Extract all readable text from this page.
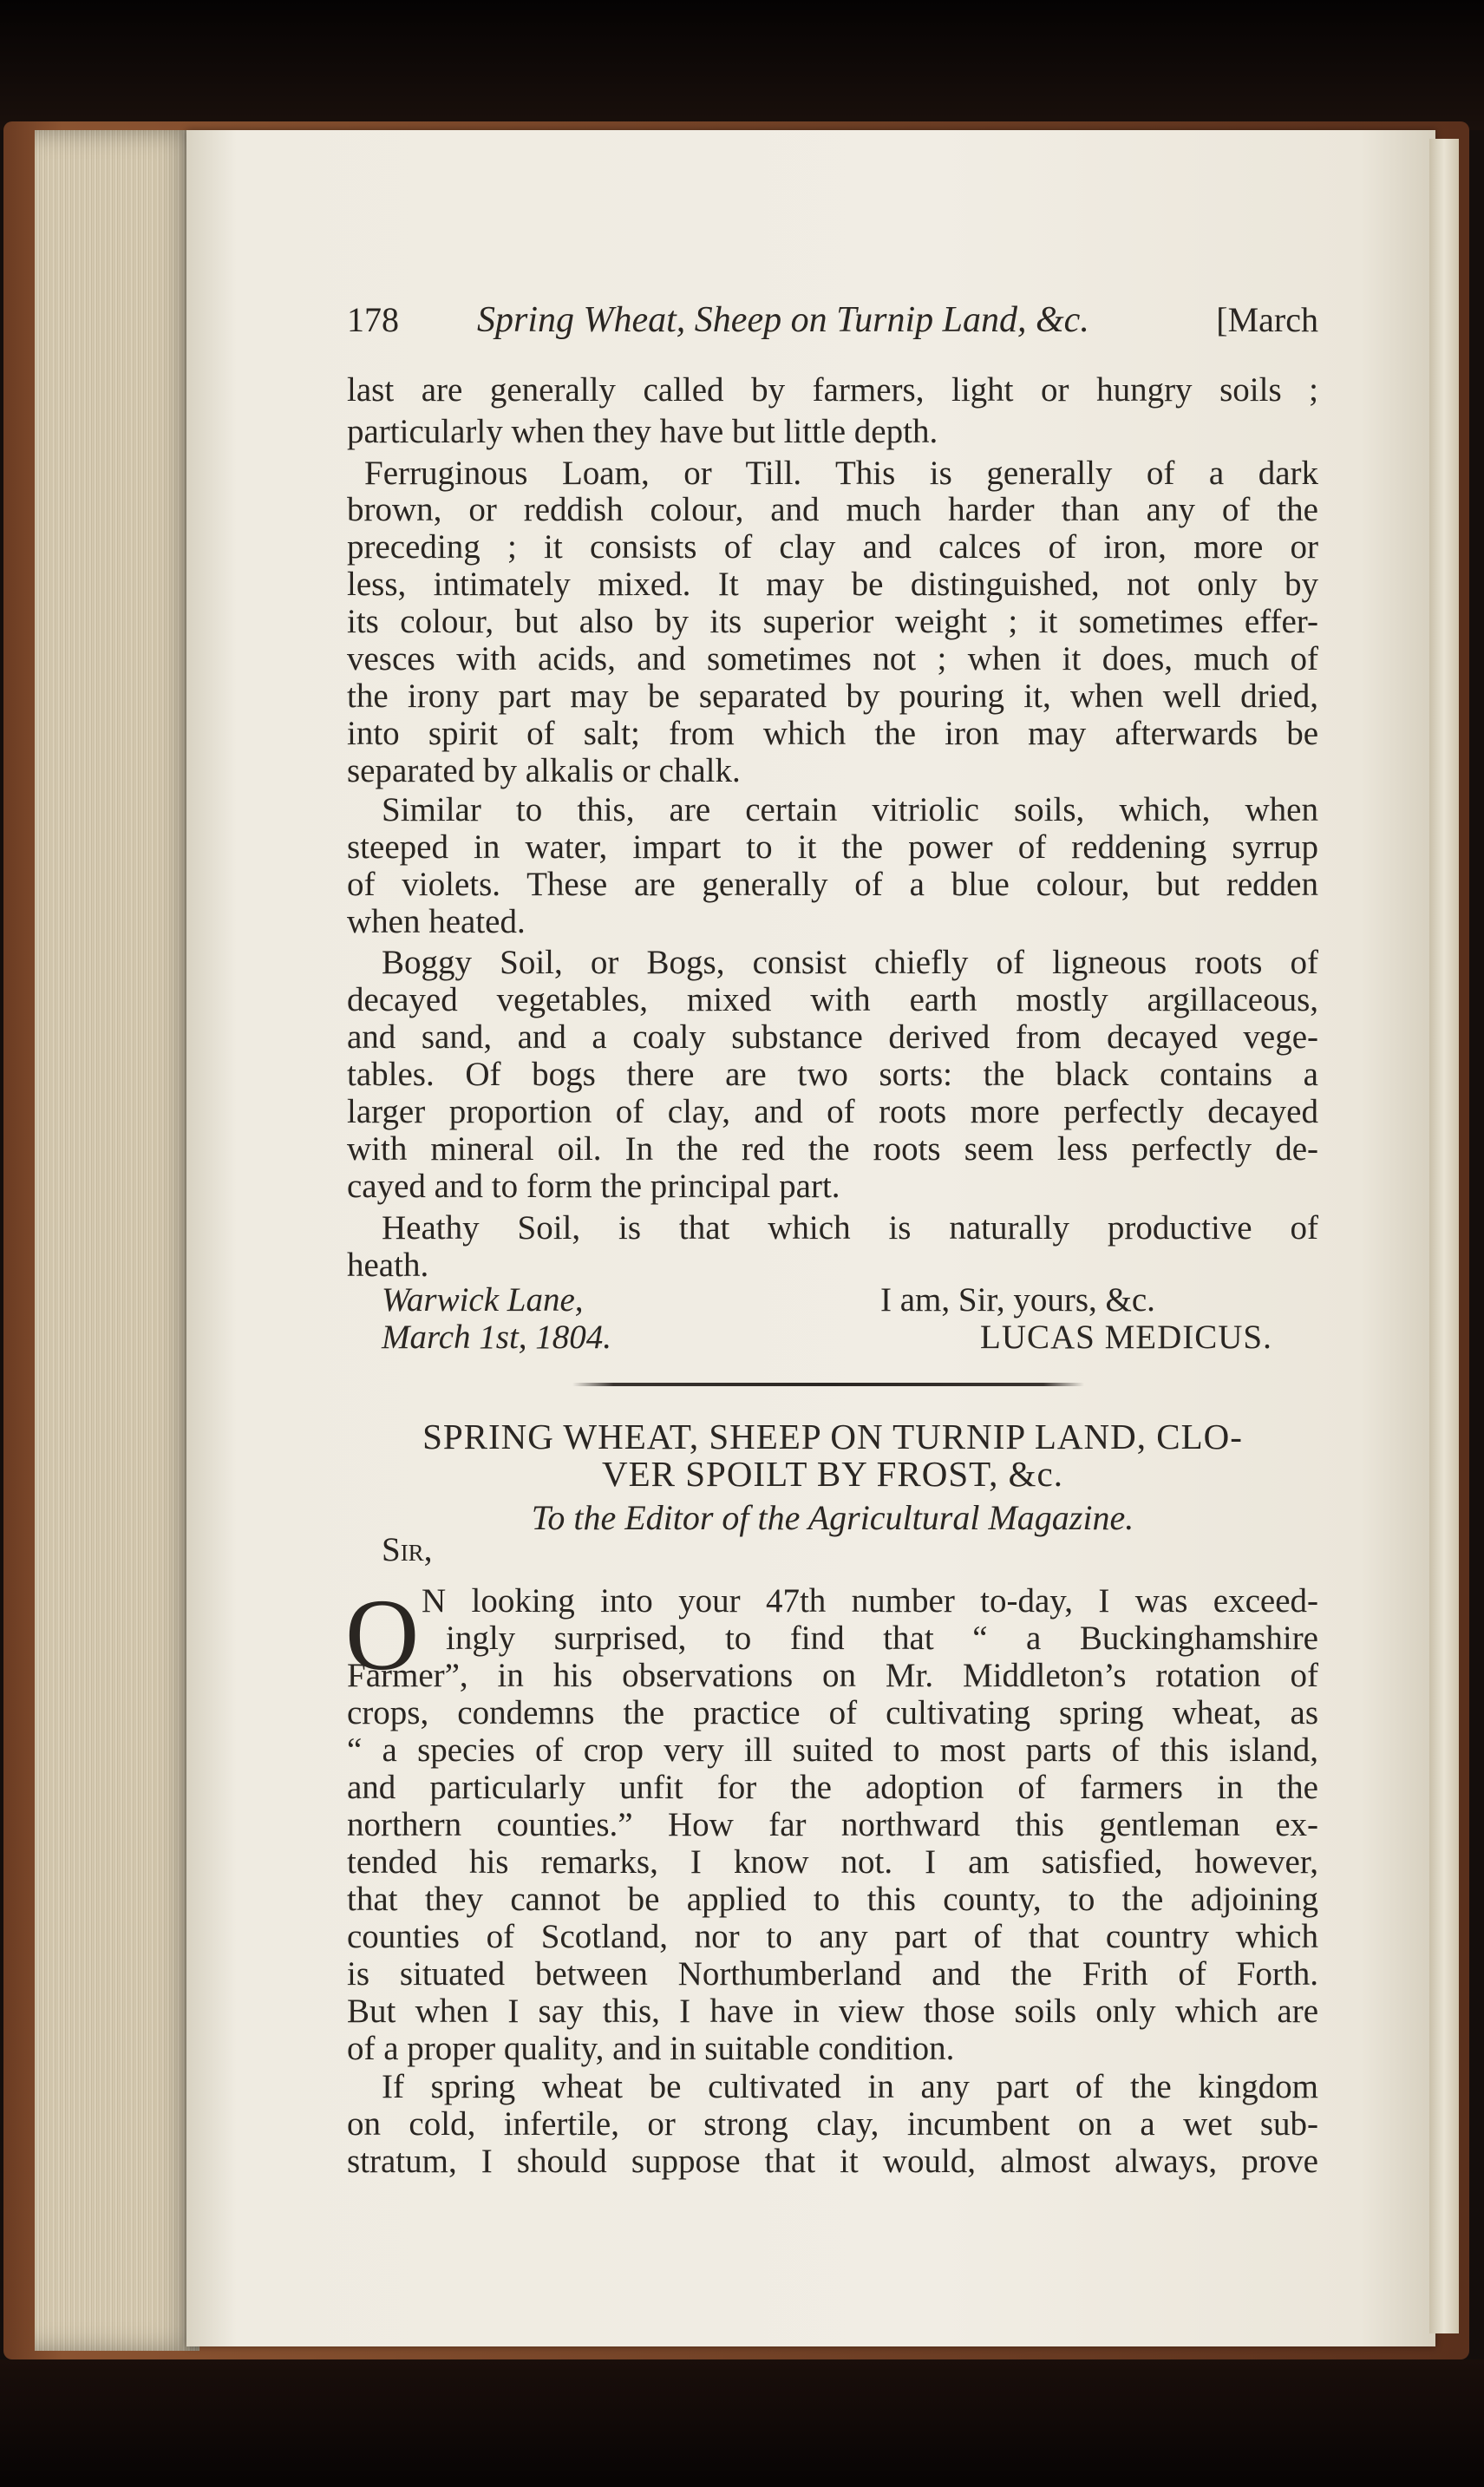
178 Spring Wheat, Sheep on Turnip Land, &c.	[March
last are generally called by farmers, light or hungry soils ;
particularly when they have but little depth.
Ferruginous Loam, or Till. This is generally of a dark
brown, or reddish colour, and much harder than any of the
preceding ; it consists of clay and calces of iron, more or
less, intimately mixed. It may be distinguished, not only by
its colour, but also by its superior weight ; it sometimes effer-
vesces with acids, and sometimes not ; when it does, much of
the irony part may be separated by pouring it, when well dried,
into spirit of salt; from which the iron may afterwards be
separated by alkalis or chalk.
Similar to this, are certain vitriolic soils, which, when
steeped in water, impart to it the power of reddening syrrup
of violets. These are generally of a blue colour, but redden
when heated.
Boggy Soil, or Bogs, consist chiefly of ligneous roots of
decayed vegetables, mixed with earth mostly argillaceous,
and sand, and a coaly substance derived from decayed vege-
tables. Of bogs there are two sorts: the black contains a
larger proportion of clay, and of roots more perfectly decayed
with mineral oil. In the red the roots seem less perfectly de-
cayed and to form the principal part.
Heathy Soil, is that which is naturally productive of
heath.
Warwick Lane,
March 1st, 1804.
I am, Sir, yours, &c.
LUCAS MEDICUS.
SPRING WHEAT, SHEEP ON TURNIP LAND, CLO-
VER SPOILT BY FROST, &c.
To the Editor of the Agricultural Magazine.
Sir,
O N looking into your 47th number to-day, I was exceed-
ingly surprised, to find that “ a Buckinghamshire
Farmer”, in his observations on Mr. Middleton’s rotation of
crops, condemns the practice of cultivating spring wheat, as
“ a species of crop very ill suited to most parts of this island,
and particularly unfit for the adoption of farmers in the
northern counties.” How far northward this gentleman ex-
tended his remarks, I know not. I am satisfied, however,
that they cannot be applied to this county, to the adjoining
counties of Scotland, nor to any part of that country which
is situated between Northumberland and the Frith of Forth.
But when I say this, I have in view those soils only which are
of a proper quality, and in suitable condition.
If spring wheat be cultivated in any part of the kingdom
on cold, infertile, or strong clay, incumbent on a wet sub-
stratum, I should suppose that it would, almost always, prove
